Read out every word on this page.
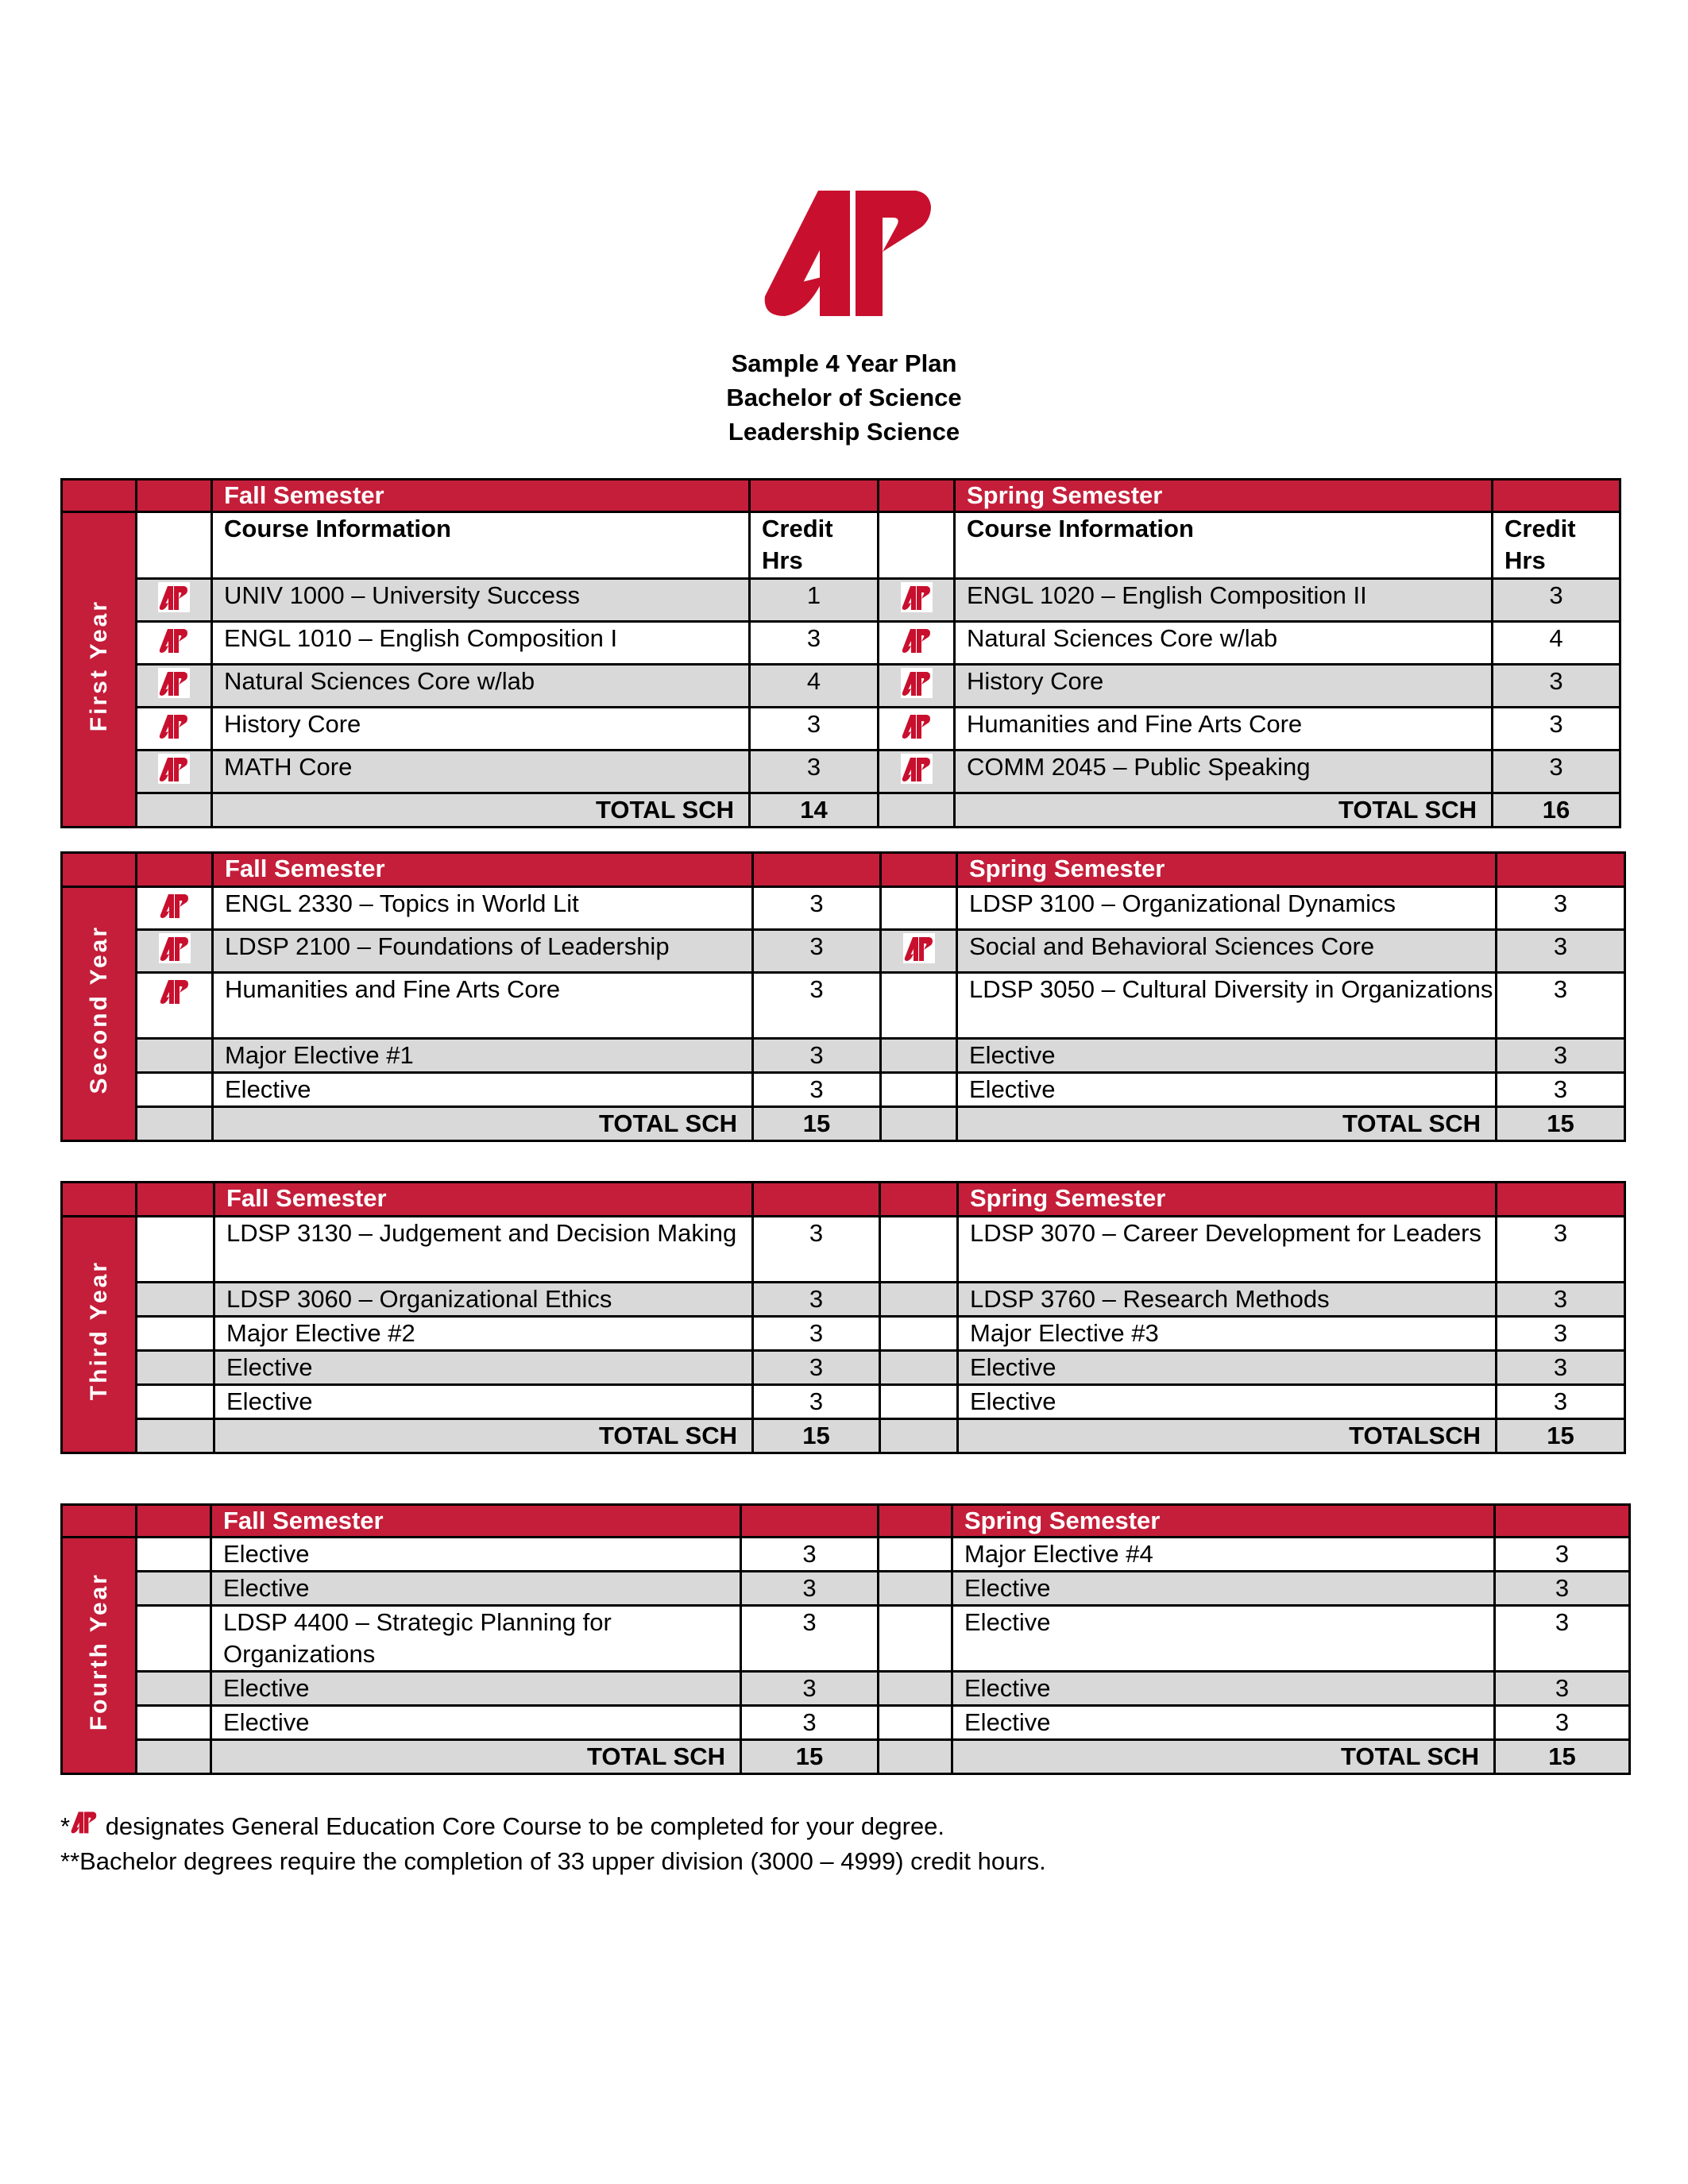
Sample 4 Year Plan
Bachelor of Science
Leadership Science
		Fall Semester			Spring Semester	
First Year		Course Information	Credit Hrs		Course Information	Credit Hrs

	UNIV 1000 – University Success	1		ENGL 1020 – English Composition II	3

	ENGL 1010 – English Composition I	3		Natural Sciences Core w/lab	4

	Natural Sciences Core w/lab	4		History Core	3

	History Core	3		Humanities and Fine Arts Core	3

	MATH Core	3		COMM 2045 – Public Speaking	3
		TOTAL SCH	14		TOTAL SCH	16
		Fall Semester			Spring Semester	
Second Year		ENGL 2330 – Topics in World Lit	3		LDSP 3100 – Organizational Dynamics	3

	LDSP 2100 – Foundations of Leadership	3		Social and Behavioral Sciences Core	3

	Humanities and Fine Arts Core	3		LDSP 3050 – Cultural Diversity in Organizations	3
		Major Elective #1	3		Elective	3
		Elective	3		Elective	3
		TOTAL SCH	15		TOTAL SCH	15
		Fall Semester			Spring Semester	
Third Year		LDSP 3130 – Judgement and Decision Making	3		LDSP 3070 – Career Development for Leaders	3
		LDSP 3060 – Organizational Ethics	3		LDSP 3760 – Research Methods	3
		Major Elective #2	3		Major Elective #3	3
		Elective	3		Elective	3
		Elective	3		Elective	3
		TOTAL SCH	15		TOTALSCH	15
		Fall Semester			Spring Semester	
Fourth Year		Elective	3		Major Elective #4	3
		Elective	3		Elective	3
		LDSP 4400 – Strategic Planning for Organizations	3		Elective	3
		Elective	3		Elective	3
		Elective	3		Elective	3
		TOTAL SCH	15		TOTAL SCH	15
*
designates General Education Core Course to be completed for your degree.
**Bachelor degrees require the completion of 33 upper division (3000 – 4999) credit hours.
